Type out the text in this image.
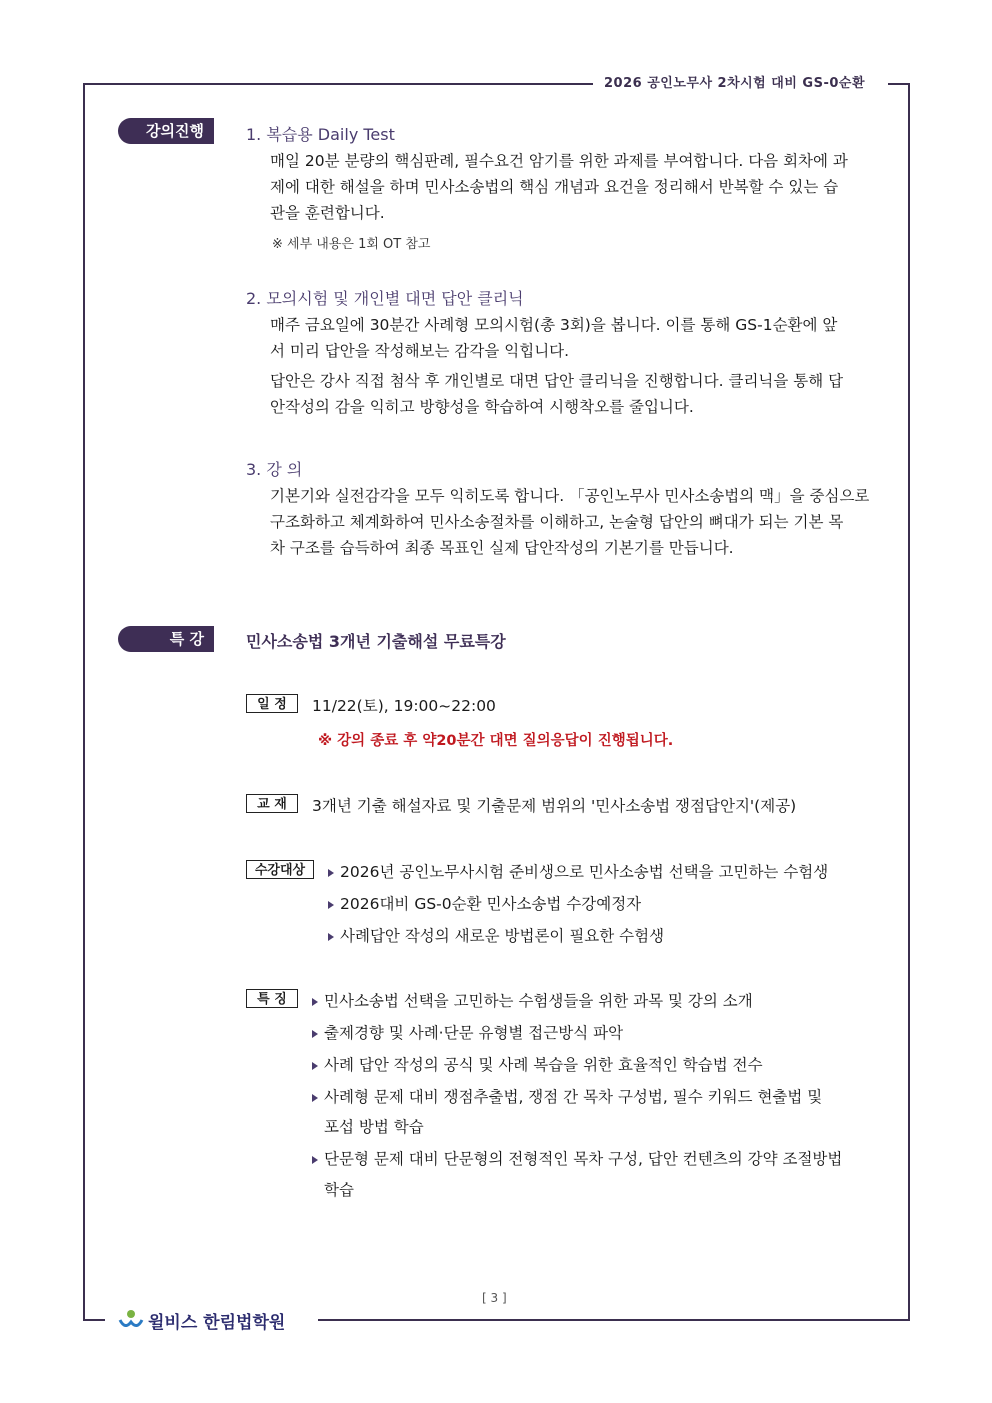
2026 공인노무사 2차시험 대비 GS-0순환
강의진행	1. 복습용 Daily Test
매일 20분 분량의 핵심판례, 필수요건 암기를 위한 과제를 부여합니다. 다음 회차에 과
제에 대한 해설을 하며 민사소송법의 핵심 개념과 요건을 정리해서 반복할 수 있는 습
관을 훈련합니다.
※ 세부 내용은 1회 OT 참고
2. 모의시험 및 개인별 대면 답안 클리닉
매주 금요일에 30분간 사례형 모의시험(총 3회)을 봅니다. 이를 통해 GS-1순환에 앞
서 미리 답안을 작성해보는 감각을 익힙니다.
답안은 강사 직접 첨삭 후 개인별로 대면 답안 클리닉을 진행합니다. 클리닉을 통해 답
안작성의 감을 익히고 방향성을 학습하여 시행착오를 줄입니다.
3. 강 의
기본기와 실전감각을 모두 익히도록 합니다. 「공인노무사 민사소송법의 맥」을 중심으로
구조화하고 체계화하여 민사소송절차를 이해하고, 논술형 답안의 뼈대가 되는 기본 목
차 구조를 습득하여 최종 목표인 실제 답안작성의 기본기를 만듭니다.
특 강	민사소송법 3개년 기출해설 무료특강
일 정	11/22(토), 19:00~22:00
※ 강의 종료 후 약20분간 대면 질의응답이 진행됩니다.
교 재	3개년 기출 해설자료 및 기출문제 범위의 '민사소송법 쟁점답안지'(제공)
수강대상	2026년 공인노무사시험 준비생으로 민사소송법 선택을 고민하는 수험생
2026대비 GS-0순환 민사소송법 수강예정자
사례답안 작성의 새로운 방법론이 필요한 수험생
특 징	민사소송법 선택을 고민하는 수험생들을 위한 과목 및 강의 소개
출제경향 및 사례·단문 유형별 접근방식 파악
사례 답안 작성의 공식 및 사례 복습을 위한 효율적인 학습법 전수
사례형 문제 대비 쟁점추출법, 쟁점 간 목차 구성법, 필수 키워드 현출법 및
포섭 방법 학습
단문형 문제 대비 단문형의 전형적인 목차 구성, 답안 컨텐츠의 강약 조절방법
학습
[ 3 ]
윌비스 한림법학원
